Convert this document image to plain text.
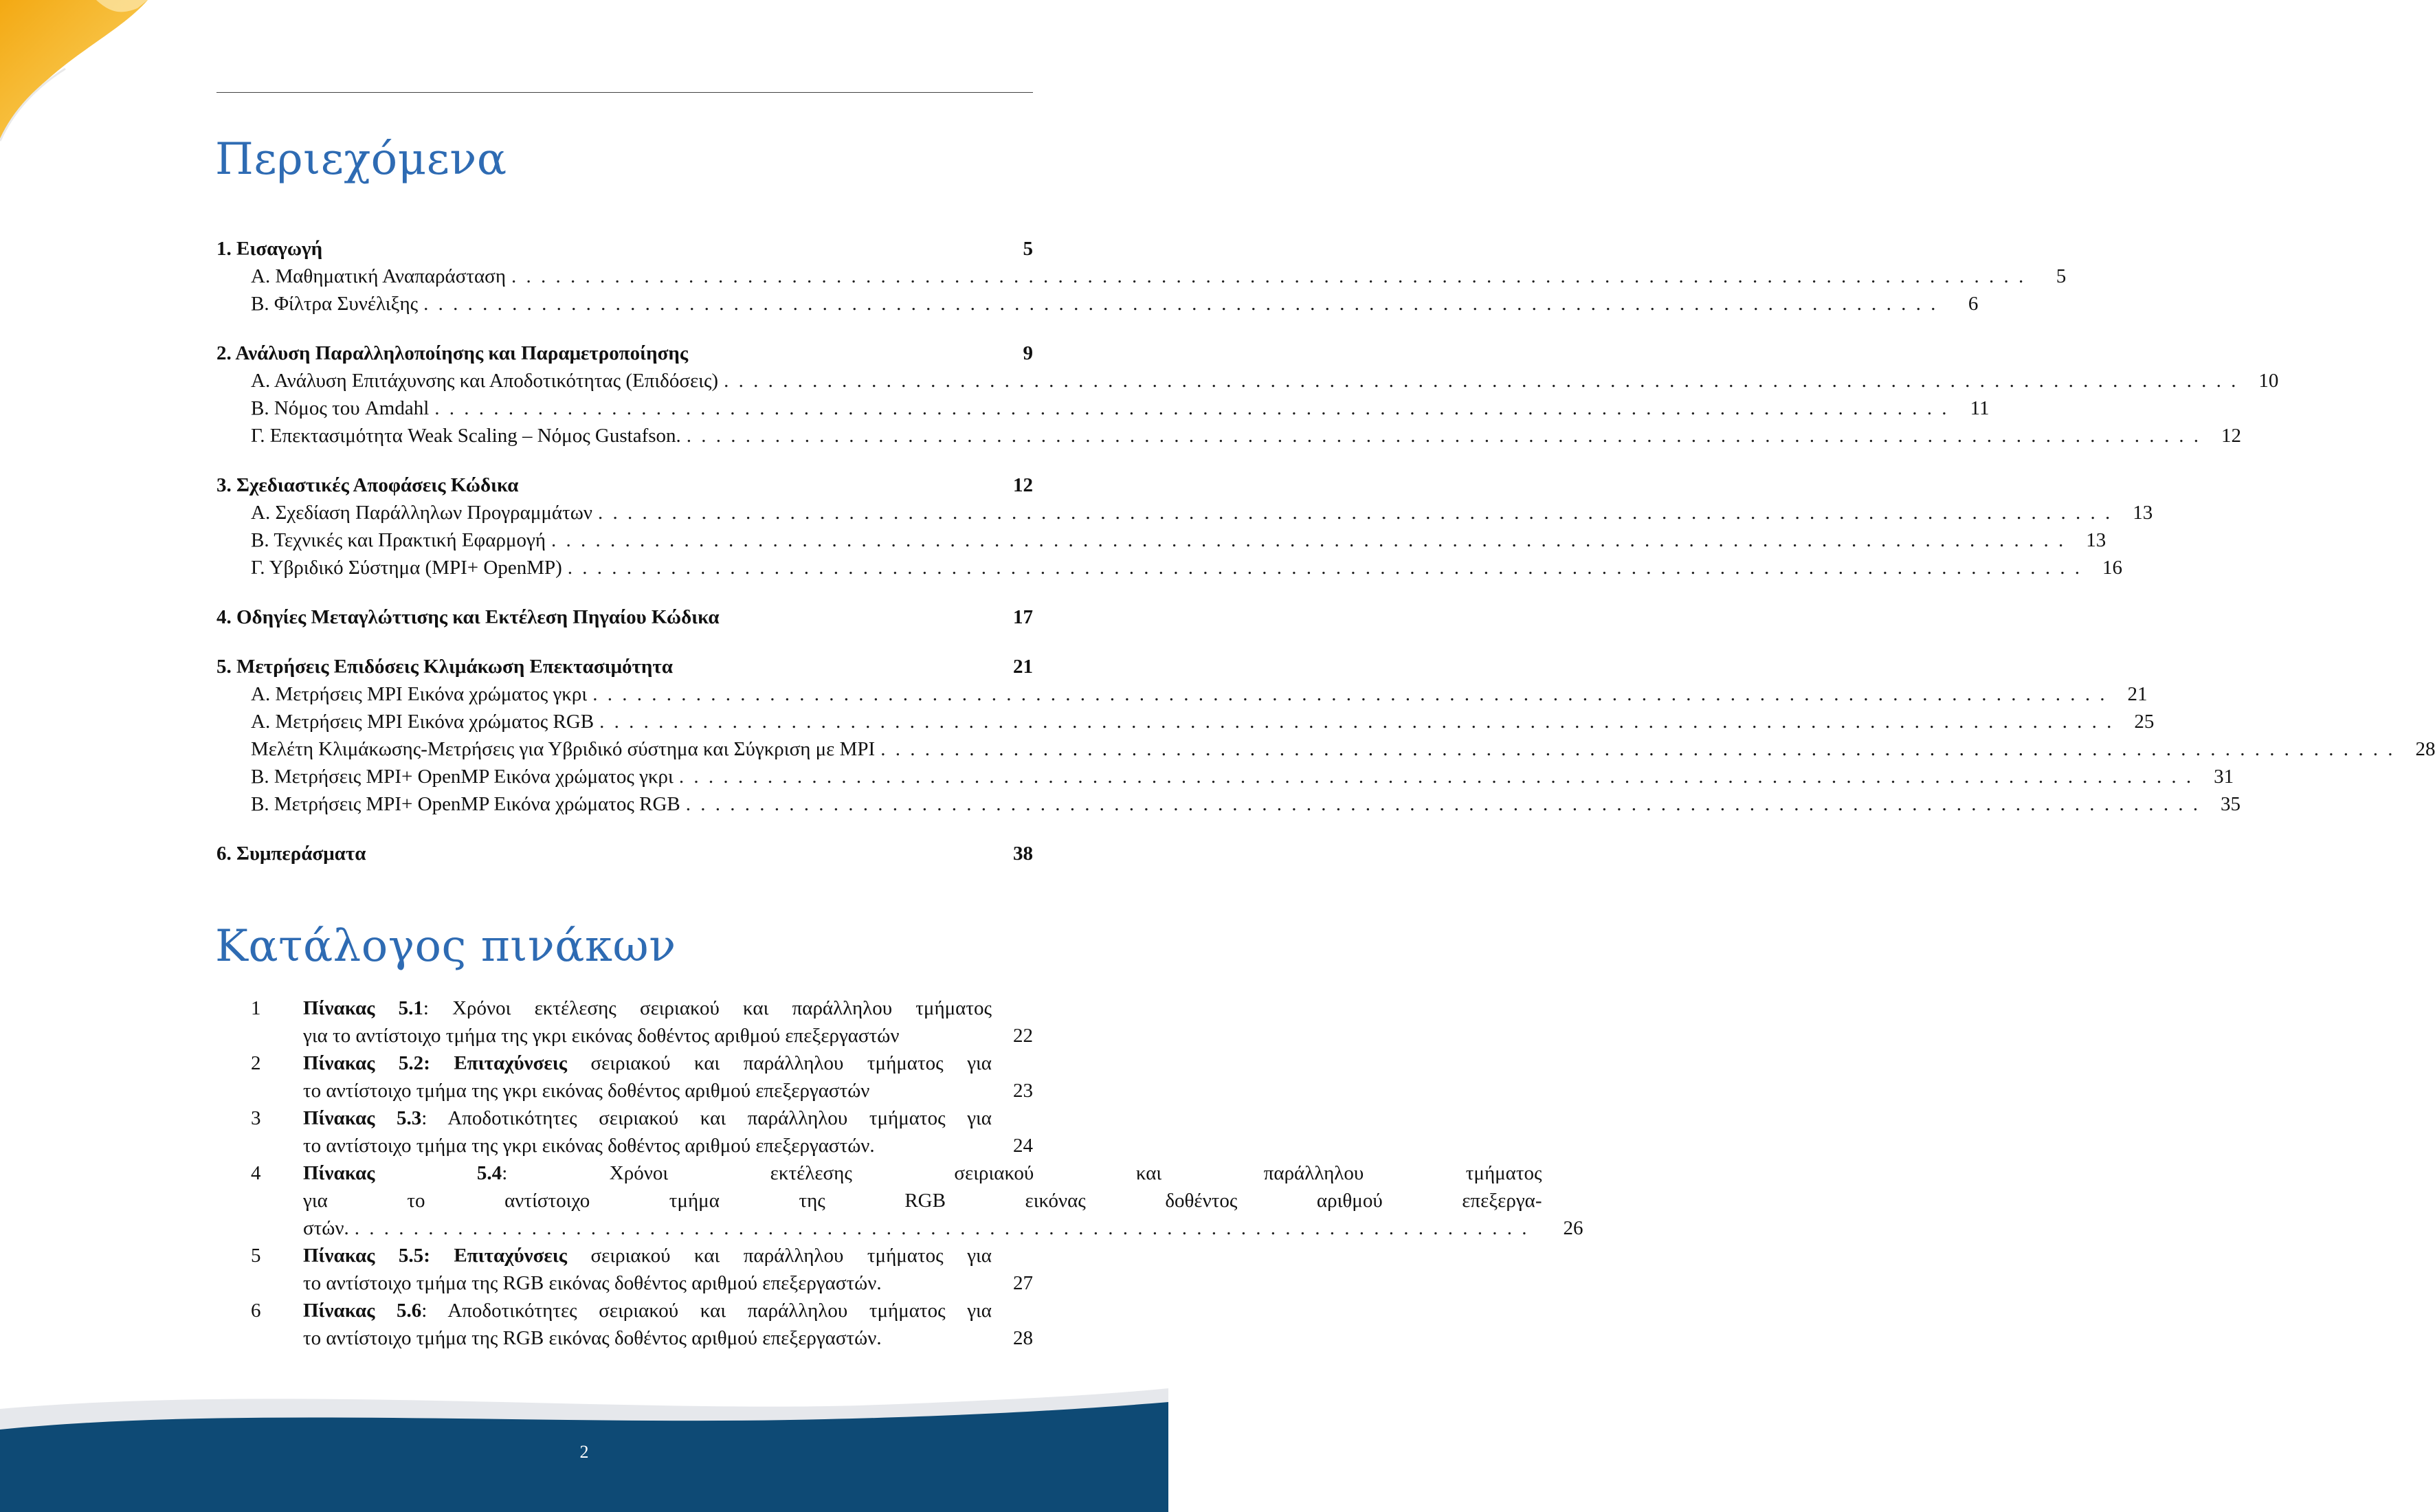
Περιεχόμενα
1. Εισαγωγή	5
Α. Μαθηματική Αναπαράσταση . . .	5
Β. Φίλτρα Συνέλιξης . . .	6
2. Ανάλυση Παραλληλοποίησης και Παραμετροποίησης	9
Α. Ανάλυση Επιτάχυνσης και Αποδοτικότητας (Επιδόσεις) . . .	10
Β. Νόμος του Amdahl . . .	11
Γ. Επεκτασιμότητα Weak Scaling – Νόμος Gustafson. . . .	12
3. Σχεδιαστικές Αποφάσεις Κώδικα	12
Α. Σχεδίαση Παράλληλων Προγραμμάτων . . .	13
Β. Τεχνικές και Πρακτική Εφαρμογή . . .	13
Γ. Υβριδικό Σύστημα (MPI+ OpenMP) . . .	16
4. Οδηγίες Μεταγλώττισης και Εκτέλεση Πηγαίου Κώδικα	17
5. Μετρήσεις Επιδόσεις Κλιμάκωση Επεκτασιμότητα	21
Α. Μετρήσεις MPI Εικόνα χρώματος γκρι . . .	21
Α. Μετρήσεις MPI Εικόνα χρώματος RGB . . .	25
Μελέτη Κλιμάκωσης-Μετρήσεις για Υβριδικό σύστημα και Σύγκριση με MPI . . .	28
Β. Μετρήσεις MPI+ OpenMP Εικόνα χρώματος γκρι . . .	31
Β. Μετρήσεις MPI+ OpenMP Εικόνα χρώματος RGB . . .	35
6. Συμπεράσματα	38
Κατάλογος πινάκων
1	Πίνακας 5.1: Χρόνοι εκτέλεσης σειριακού και παράλληλου τμήματος
για το αντίστοιχο τμήμα της γκρι εικόνας δοθέντος αριθμού επεξεργαστών	22
2	Πίνακας 5.2: Επιταχύνσεις σειριακού και παράλληλου τμήματος για
το αντίστοιχο τμήμα της γκρι εικόνας δοθέντος αριθμού επεξεργαστών	23
3	Πίνακας 5.3: Αποδοτικότητες σειριακού και παράλληλου τμήματος για
το αντίστοιχο τμήμα της γκρι εικόνας δοθέντος αριθμού επεξεργαστών.	24
4	Πίνακας 5.4: Χρόνοι εκτέλεσης σειριακού και παράλληλου τμήματος
για το αντίστοιχο τμήμα της RGB εικόνας δοθέντος αριθμού επεξεργα-
στών. . . .	26
5	Πίνακας 5.5: Επιταχύνσεις σειριακού και παράλληλου τμήματος για
το αντίστοιχο τμήμα της RGB εικόνας δοθέντος αριθμού επεξεργαστών.	27
6	Πίνακας 5.6: Αποδοτικότητες σειριακού και παράλληλου τμήματος για
το αντίστοιχο τμήμα της RGB εικόνας δοθέντος αριθμού επεξεργαστών.	28
2
